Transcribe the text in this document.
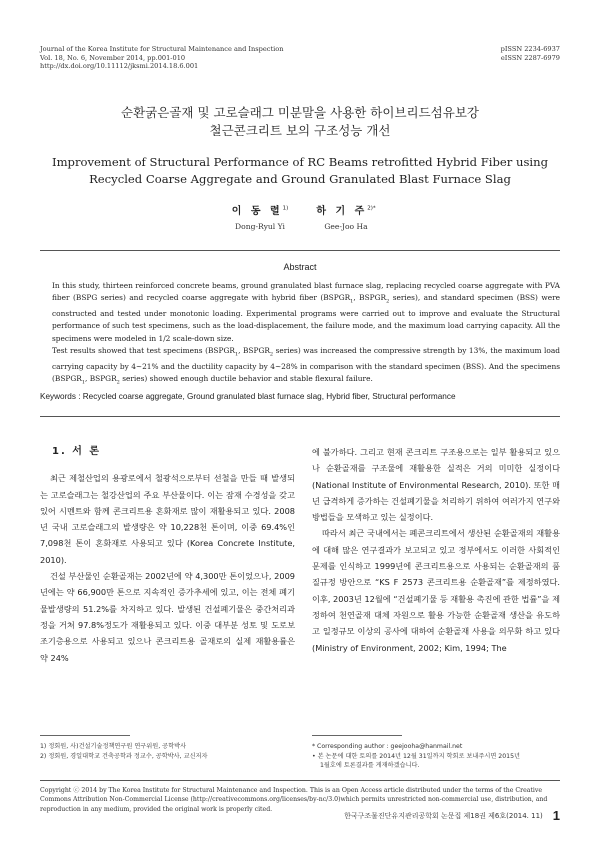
Journal of the Korea Institute for Structural Maintenance and Inspection
Vol. 18, No. 6, November 2014, pp.001-010
http://dx.doi.org/10.11112/jksmi.2014.18.6.001
pISSN 2234-6937
eISSN 2287-6979
순환굵은골재 및 고로슬래그 미분말을 사용한 하이브리드섬유보강
철근콘크리트 보의 구조성능 개선
Improvement of Structural Performance of RC Beams retrofitted Hybrid Fiber using
Recycled Coarse Aggregate and Ground Granulated Blast Furnace Slag
이 동 렬$^{1)}$
Dong-Ryul Yi
하 기 주$^{2)*}$
Gee-Joo Ha
Abstract

In this study, thirteen reinforced concrete beams, ground granulated blast furnace slag, replacing recycled coarse aggregate with PVA fiber (BSPG series) and recycled coarse aggregate with hybrid fiber ($BSPGR_1$, $BSPGR_2$ series), and standard specimen (BSS) were constructed and tested under monotonic loading. Experimental programs were carried out to improve and evaluate the Structural performance of such test specimens, such as the load-displacement, the failure mode, and the maximum load carrying capacity. All the specimens were modeled in 1/2 scale-down size.

Test results showed that test specimens ($BSPGR_1$, $BSPGR_2$ series) was increased the compressive strength by 13%, the maximum load carrying capacity by 4~21% and the ductility capacity by 4~28% in comparison with the standard specimen (BSS). And the specimens ($BSPGR_1$, $BSPGR_2$ series) showed enough ductile behavior and stable flexural failure.

Keywords : Recycled coarse aggregate, Ground granulated blast furnace slag, Hybrid fiber, Structural performance
1. 서 론

최근 제철산업의 용광로에서 철광석으로부터 선철을 만들 때 발생되는 고로슬래그는 철강산업의 주요 부산물이다. 이는 잠재 수경성을 갖고 있어 시멘트와 함께 콘크리트용 혼화재로 많이 재활용되고 있다. 2008년 국내 고로슬래그의 발생량은 약 10,228천 톤이며, 이중 69.4%인 7,098천 톤이 혼화재로 사용되고 있다 (Korea Concrete Institute, 2010).

건설 부산물인 순환골재는 2002년에 약 4,300만 톤이었으나, 2009년에는 약 66,900만 톤으로 지속적인 증가추세에 있고, 이는 전체 폐기물발생량의 51.2%를 차지하고 있다. 발생된 건설폐기물은 중간처리과정을 거쳐 97.8%정도가 재활용되고 있다. 이중 대부분 성토 및 도로보조기층용으로 사용되고 있으나 콘크리트용 골재로의 실제 재활용률은 약 24%

에 불가하다. 그리고 현재 콘크리트 구조용으로는 일부 활용되고 있으나 순환골재를 구조물에 재활용한 실적은 거의 미미한 실정이다 (National Institute of Environmental Research, 2010). 또한 매년 급격하게 증가하는 건설폐기물을 처리하기 위하여 여러가지 연구와 방법들을 모색하고 있는 실정이다.

따라서 최근 국내에서는 폐콘크리트에서 생산된 순환골재의 재활용에 대해 많은 연구결과가 보고되고 있고 정부에서도 이러한 사회적인 문제를 인식하고 1999년에 콘크리트용으로 사용되는 순환골재의 품질규정 방안으로 “KS F 2573 콘크리트용 순환골재”를 제정하였다. 이후, 2003년 12월에 “건설폐기물 등 재활용 촉진에 관한 법률”을 제정하여 천연골재 대체 자원으로 활용 가능한 순환골재 생산을 유도하고 일정규모 이상의 공사에 대하여 순환골재 사용을 의무화 하고 있다 (Ministry of Environment, 2002; Kim, 1994; The

1) 정회원, 사)건설기술정책연구원 연구위원, 공학박사
2) 정회원, 경일대학교 건축공학과 정교수, 공학박사, 교신저자
* Corresponding author : geejooha@hanmail.net
• 본 논문에 대한 토의를 2014년 12월 31일까지 학회로 보내주시면 2015년
1월호에 토론결과를 게재하겠습니다.
Copyright ⓒ 2014 by The Korea Institute for Structural Maintenance and Inspection. This is an Open Access article distributed under the terms of the Creative Commons Attribution Non-Commercial License (http://creativecommons.org/licenses/by-nc/3.0)which permits unrestricted non-commercial use, distribution, and reproduction in any medium, provided the original work is properly cited.
한국구조물진단유지관리공학회 논문집 제18권 제6호(2014. 11) 1
